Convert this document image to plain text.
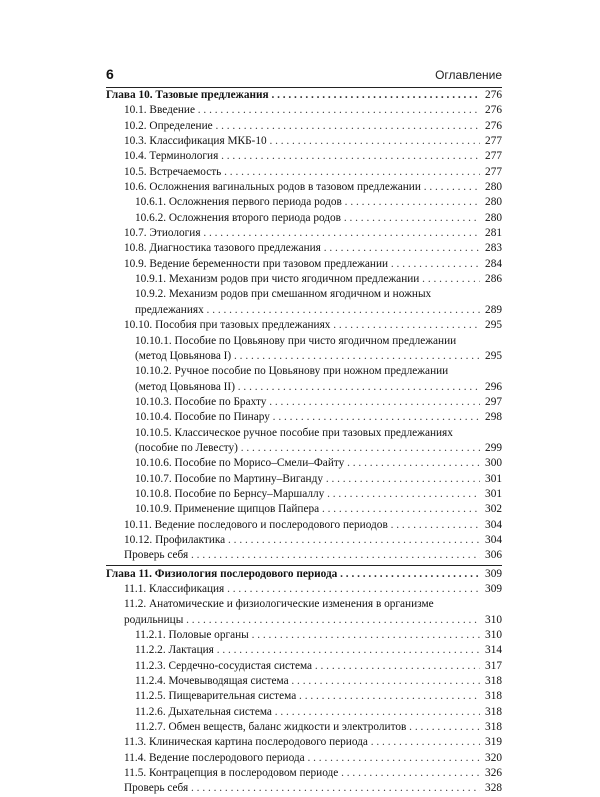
6	Оглавление
Глава 10. Тазовые предлежания . . .	276
10.1. Введение . . .	276
10.2. Определение . . .	276
10.3. Классификация МКБ-10 . . .	277
10.4. Терминология . . .	277
10.5. Встречаемость . . .	277
10.6. Осложнения вагинальных родов в тазовом предлежании . . .	280
10.6.1. Осложнения первого периода родов . . .	280
10.6.2. Осложнения второго периода родов . . .	280
10.7. Этиология . . .	281
10.8. Диагностика тазового предлежания . . .	283
10.9. Ведение беременности при тазовом предлежании . . .	284
10.9.1. Механизм родов при чисто ягодичном предлежании . . .	286
10.9.2. Механизм родов при смешанном ягодичном и ножных
предлежаниях . . .	289
10.10. Пособия при тазовых предлежаниях . . .	295
10.10.1. Пособие по Цовьянову при чисто ягодичном предлежании
(метод Цовьянова I) . . .	295
10.10.2. Ручное пособие по Цовьянову при ножном предлежании
(метод Цовьянова II) . . .	296
10.10.3. Пособие по Брахту . . .	297
10.10.4. Пособие по Пинару . . .	298
10.10.5. Классическое ручное пособие при тазовых предлежаниях
(пособие по Левесту) . . .	299
10.10.6. Пособие по Морисо–Смели–Файту . . .	300
10.10.7. Пособие по Мартину–Виганду . . .	301
10.10.8. Пособие по Бернсу–Маршаллу . . .	301
10.10.9. Применение щипцов Пайпера . . .	302
10.11. Ведение последового и послеродового периодов . . .	304
10.12. Профилактика . . .	304
Проверь себя . . .	306
Глава 11. Физиология послеродового периода . . .	309
11.1. Классификация . . .	309
11.2. Анатомические и физиологические изменения в организме
родильницы . . .	310
11.2.1. Половые органы . . .	310
11.2.2. Лактация . . .	314
11.2.3. Сердечно-сосудистая система . . .	317
11.2.4. Мочевыводящая система . . .	318
11.2.5. Пищеварительная система . . .	318
11.2.6. Дыхательная система . . .	318
11.2.7. Обмен веществ, баланс жидкости и электролитов . . .	318
11.3. Клиническая картина послеродового периода . . .	319
11.4. Ведение послеродового периода . . .	320
11.5. Контрацепция в послеродовом периоде . . .	326
Проверь себя . . .	328
